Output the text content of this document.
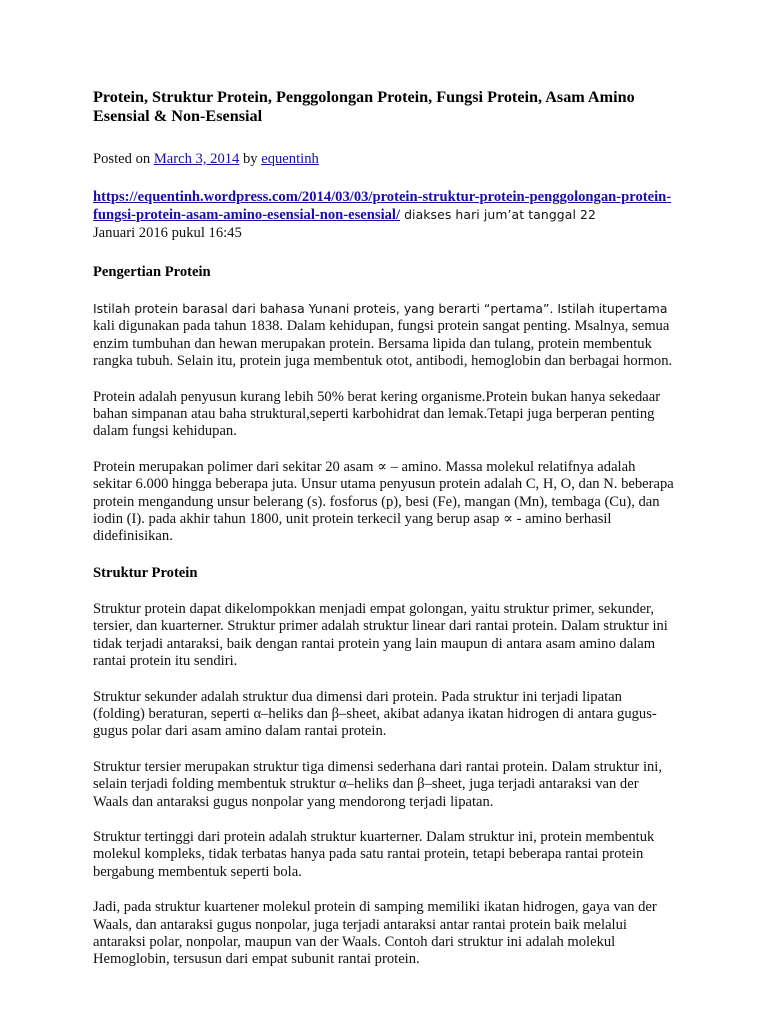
Protein, Struktur Protein, Penggolongan Protein, Fungsi Protein, Asam Amino Esensial & Non-Esensial
Posted on March 3, 2014 by equentinh
https://equentinh.wordpress.com/2014/03/03/protein-struktur-protein-penggolongan-protein-fungsi-protein-asam-amino-esensial-non-esensial/ diakses hari jum’at tanggal 22
Januari 2016 pukul 16:45
Pengertian Protein

Istilah protein barasal dari bahasa Yunani proteis, yang berarti “pertama”. Istilah itupertama kali digunakan pada tahun 1838. Dalam kehidupan, fungsi protein sangat penting. Msalnya, semua enzim tumbuhan dan hewan merupakan protein. Bersama lipida dan tulang, protein membentuk rangka tubuh. Selain itu, protein juga membentuk otot, antibodi, hemoglobin dan berbagai hormon.

Protein adalah penyusun kurang lebih 50% berat kering organisme.Protein bukan hanya sekedaar bahan simpanan atau baha struktural,seperti karbohidrat dan lemak.Tetapi juga berperan penting dalam fungsi kehidupan.

Protein merupakan polimer dari sekitar 20 asam ∝ – amino. Massa molekul relatifnya adalah sekitar 6.000 hingga beberapa juta. Unsur utama penyusun protein adalah C, H, O, dan N. beberapa protein mengandung unsur belerang (s). fosforus (p), besi (Fe), mangan (Mn), tembaga (Cu), dan iodin (I). pada akhir tahun 1800, unit protein terkecil yang berup asap ∝ - amino berhasil didefinisikan.

Struktur Protein

Struktur protein dapat dikelompokkan menjadi empat golongan, yaitu struktur primer, sekunder, tersier, dan kuarterner. Struktur primer adalah struktur linear dari rantai protein. Dalam struktur ini tidak terjadi antaraksi, baik dengan rantai protein yang lain maupun di antara asam amino dalam rantai protein itu sendiri.

Struktur sekunder adalah struktur dua dimensi dari protein. Pada struktur ini terjadi lipatan (folding) beraturan, seperti α–heliks dan β–sheet, akibat adanya ikatan hidrogen di antara gugus-gugus polar dari asam amino dalam rantai protein.

Struktur tersier merupakan struktur tiga dimensi sederhana dari rantai protein. Dalam struktur ini, selain terjadi folding membentuk struktur α–heliks dan β–sheet, juga terjadi antaraksi van der Waals dan antaraksi gugus nonpolar yang mendorong terjadi lipatan.

Struktur tertinggi dari protein adalah struktur kuarterner. Dalam struktur ini, protein membentuk molekul kompleks, tidak terbatas hanya pada satu rantai protein, tetapi beberapa rantai protein bergabung membentuk seperti bola.

Jadi, pada struktur kuartener molekul protein di samping memiliki ikatan hidrogen, gaya van der Waals, dan antaraksi gugus nonpolar, juga terjadi antaraksi antar rantai protein baik melalui antaraksi polar, nonpolar, maupun van der Waals. Contoh dari struktur ini adalah molekul Hemoglobin, tersusun dari empat subunit rantai protein.
